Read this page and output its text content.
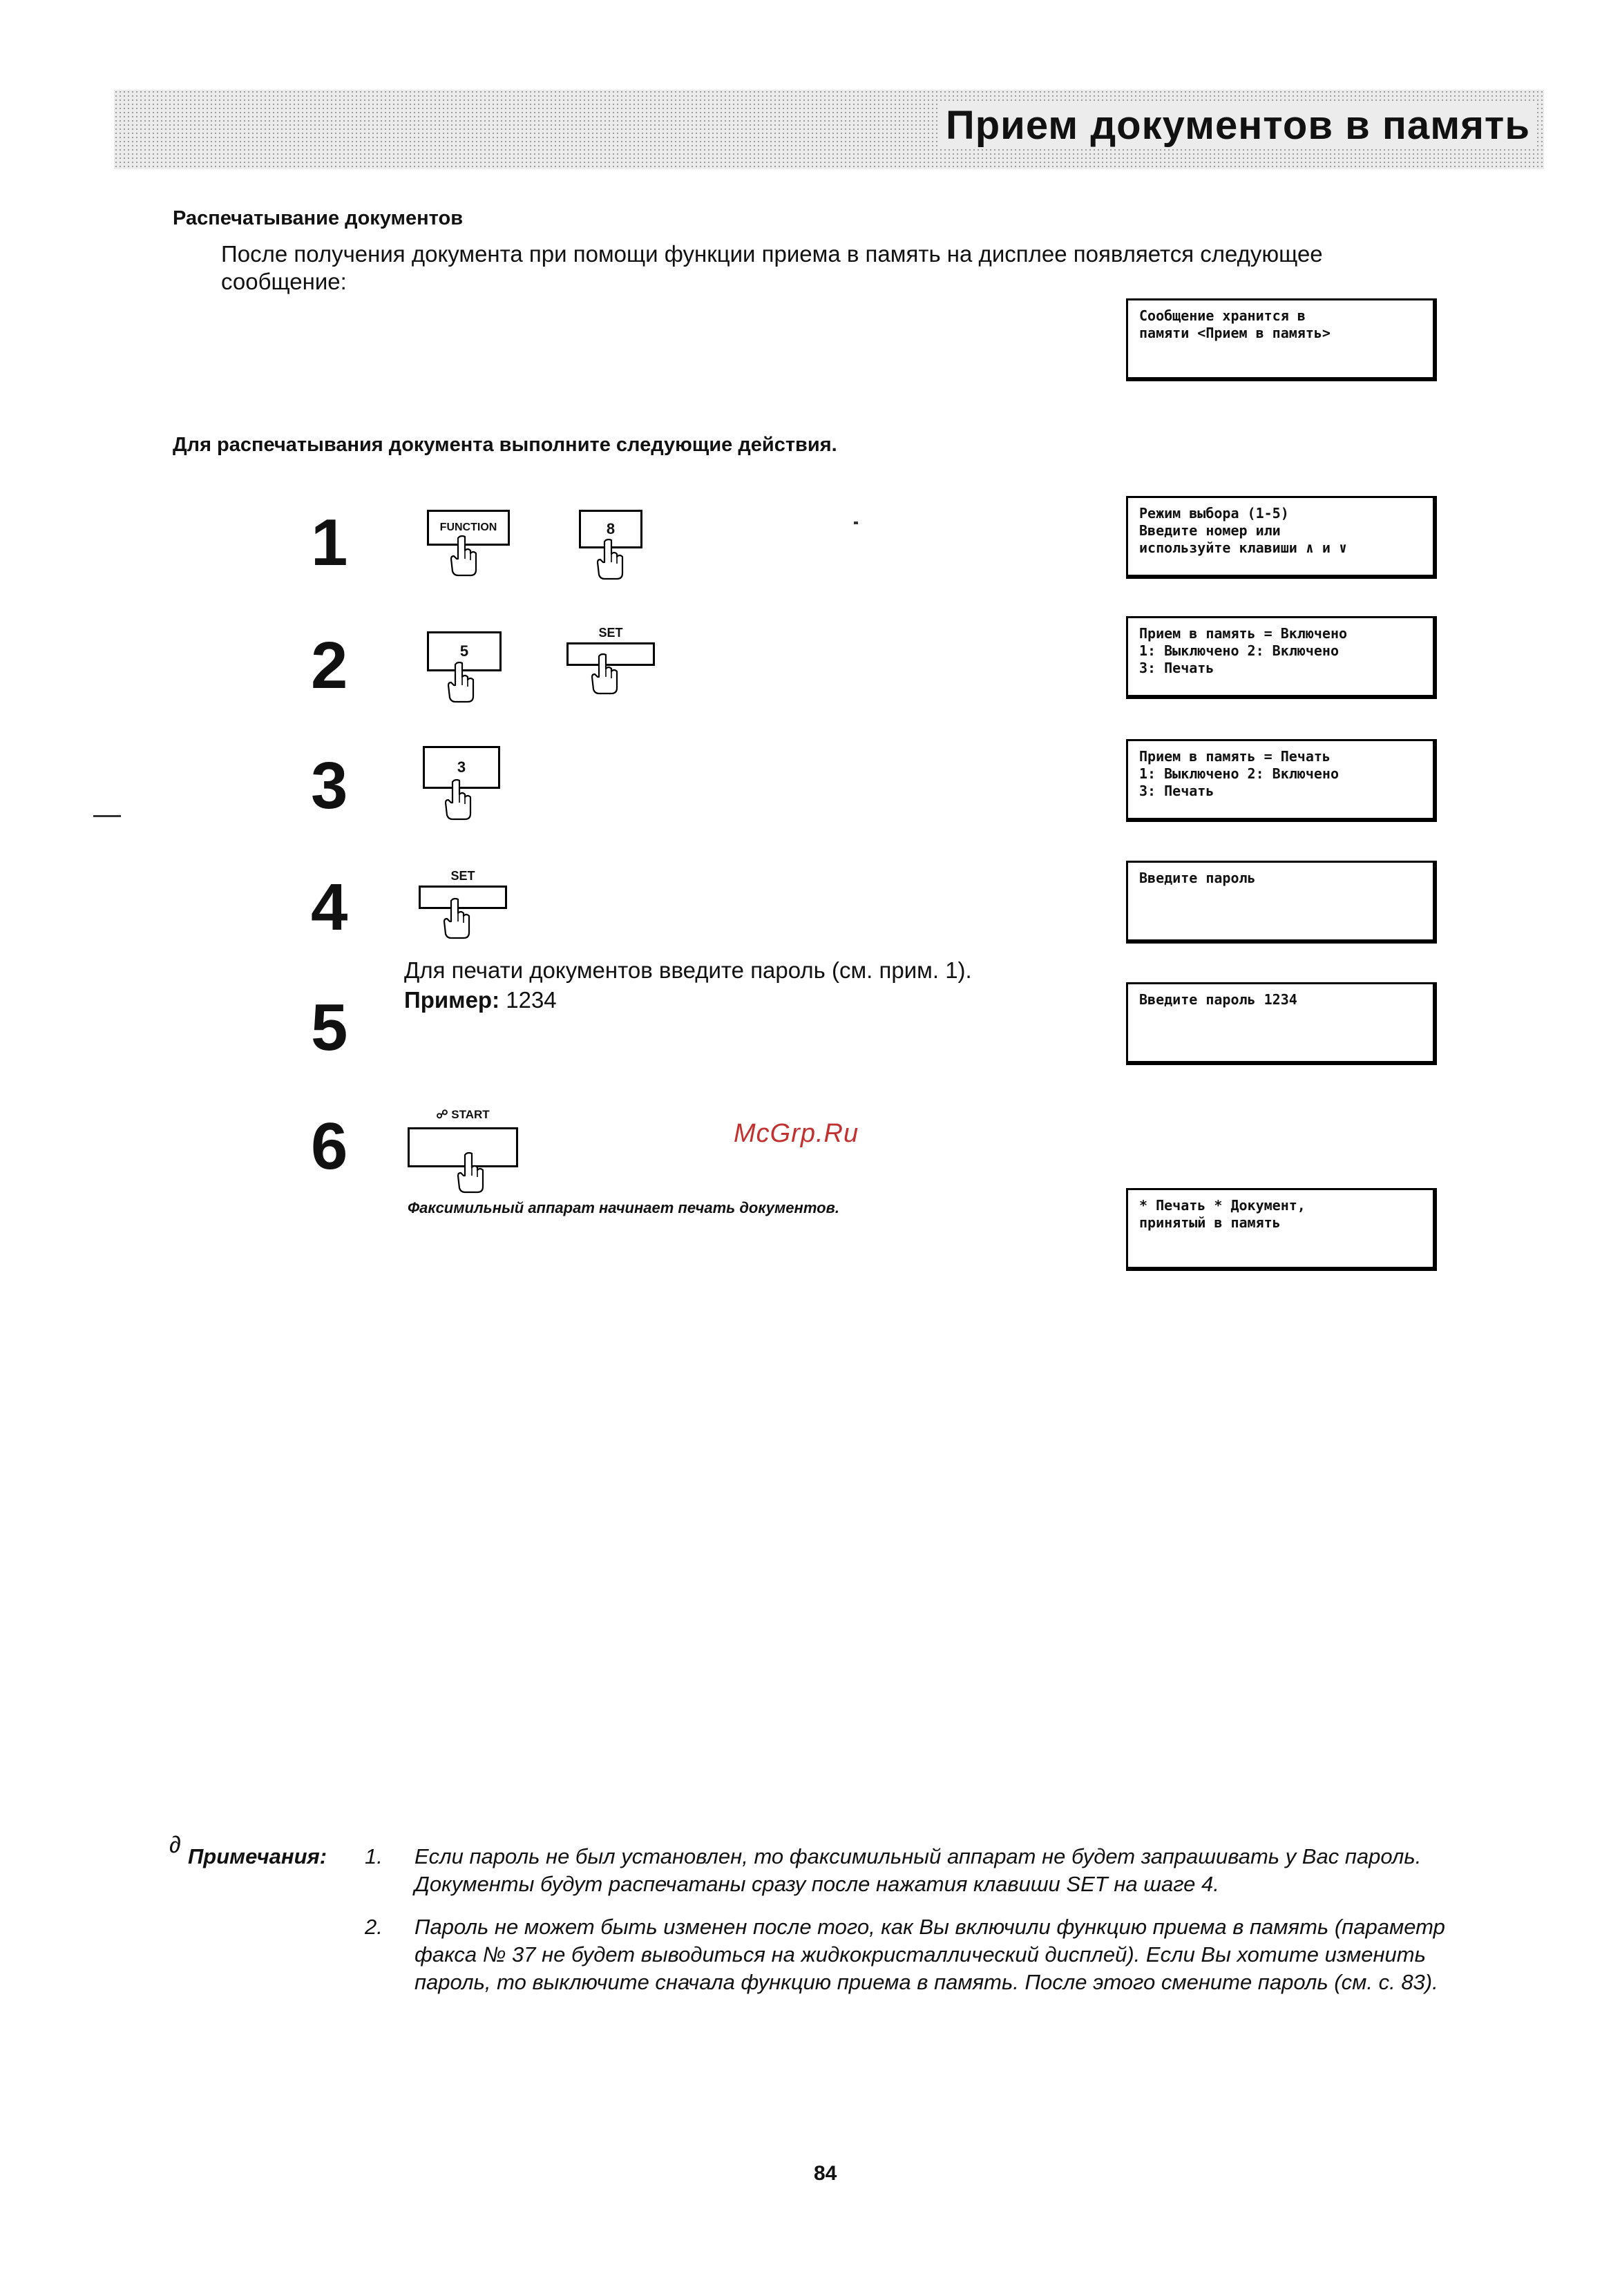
Прием документов в память
Распечатывание документов
После получения документа при помощи функции приема в память на дисплее появляется следующее сообщение:
Сообщение хранится в
памяти <Прием в память>
Для распечатывания документа выполните следующие действия.
1	FUNCTION	8
Режим выбора (1-5)
Введите номер или
используйте клавиши ∧ и ∨
2	5
SET	Прием в память = Включено
1: Выключено 2: Включено
3: Печать
3	3
Прием в память = Печать
1: Выключено 2: Включено
3: Печать
4	SET	Введите пароль
Для печати документов введите пароль (см. прим. 1).
Пример: 1234
5	Введите пароль 1234
6	☍ START
Факсимильный аппарат начинает печать документов.	* Печать * Документ,
принятый в память
McGrp.Ru
∂ Примечания: 1. Если пароль не был установлен, то факсимильный аппарат не будет запрашивать у Вас пароль. Документы будут распечатаны сразу после нажатия клавиши SET на шаге 4.
2. Пароль не может быть изменен после того, как Вы включили функцию приема в память (параметр факса № 37 не будет выводиться на жидкокристаллический дисплей). Если Вы хотите изменить пароль, то выключите сначала функцию приема в память. После этого смените пароль (см. с. 83).
84
